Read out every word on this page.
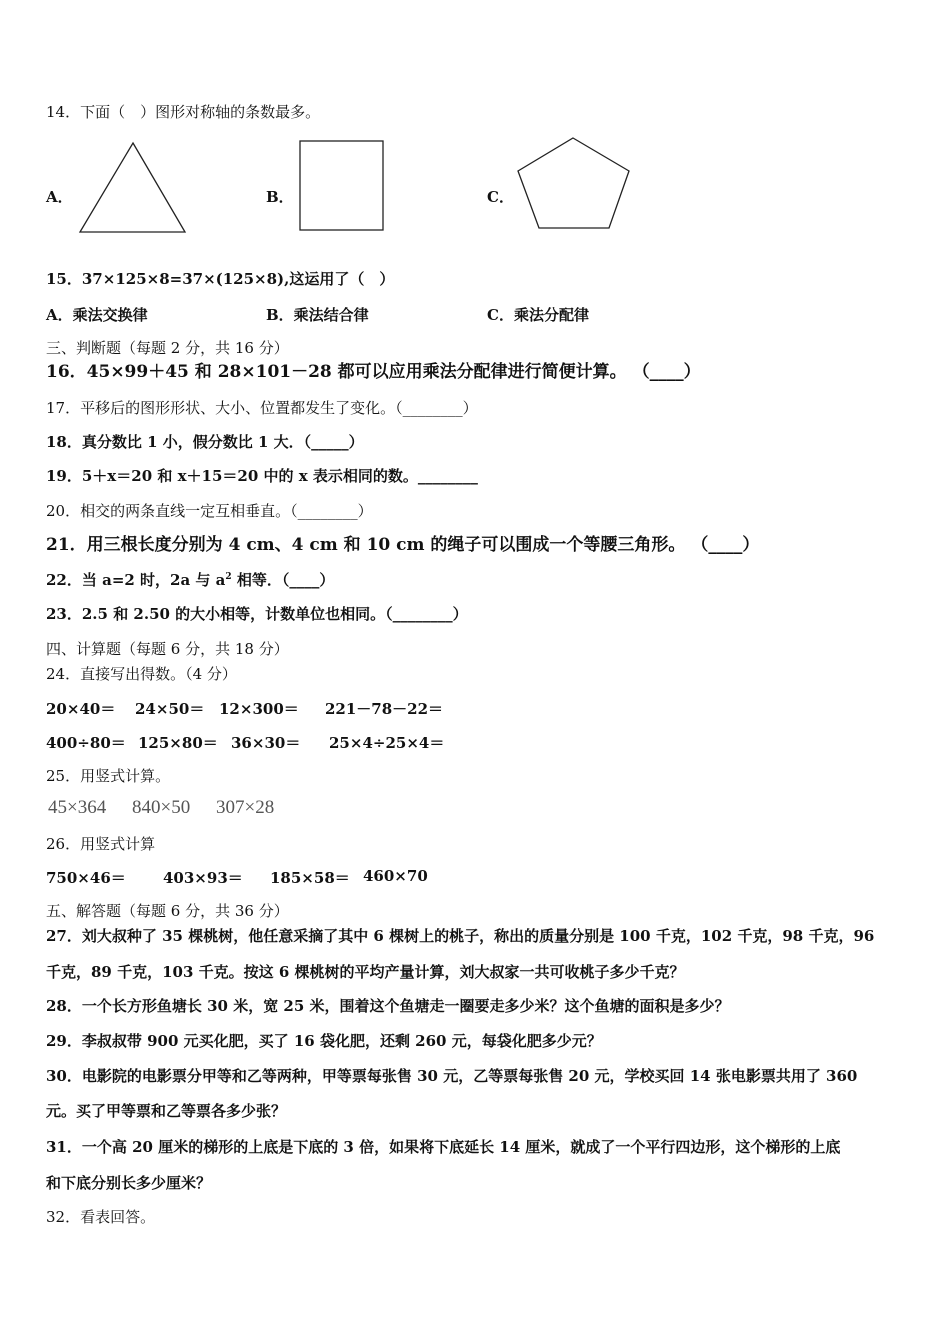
14．下面（　）图形对称轴的条数最多。
A．	B．	C．
15．37×125×8=37×(125×8),这运用了（　）
A．乘法交换律	B．乘法结合律	C．乘法分配律
三、判断题（每题 2 分，共 16 分）
16．45×99＋45 和 28×101－28 都可以应用乘法分配律进行简便计算。 （____）
17．平移后的图形形状、大小、位置都发生了变化。（________）
18．真分数比 1 小，假分数比 1 大．（_____）
19．5＋x＝20 和 x＋15＝20 中的 x 表示相同的数。________
20．相交的两条直线一定互相垂直。（________）
21．用三根长度分别为 4 cm、4 cm 和 10 cm 的绳子可以围成一个等腰三角形。 （____）
22．当 a=2 时，2a 与 $a^2$ 相等．（____）
23．2.5 和 2.50 的大小相等，计数单位也相同。（________）
四、计算题（每题 6 分，共 18 分）
24．直接写出得数。（4 分）
20×40＝ 24×50＝ 12×300＝ 221－78－22＝
400÷80＝ 125×80＝ 36×30＝ 25×4÷25×4＝
25．用竖式计算。
45×364 840×50 307×28
26．用竖式计算
750×46＝ 403×93＝ 185×58＝ 460×70
五、解答题（每题 6 分，共 36 分）
27．刘大叔种了 35 棵桃树，他任意采摘了其中 6 棵树上的桃子，称出的质量分别是 100 千克，102 千克，98 千克，96
千克，89 千克，103 千克。按这 6 棵桃树的平均产量计算，刘大叔家一共可收桃子多少千克？
28．一个长方形鱼塘长 30 米，宽 25 米，围着这个鱼塘走一圈要走多少米？这个鱼塘的面积是多少？
29．李叔叔带 900 元买化肥，买了 16 袋化肥，还剩 260 元，每袋化肥多少元？
30．电影院的电影票分甲等和乙等两种，甲等票每张售 30 元，乙等票每张售 20 元，学校买回 14 张电影票共用了 360
元。买了甲等票和乙等票各多少张？
31．一个高 20 厘米的梯形的上底是下底的 3 倍，如果将下底延长 14 厘米，就成了一个平行四边形，这个梯形的上底
和下底分别长多少厘米？
32．看表回答。
